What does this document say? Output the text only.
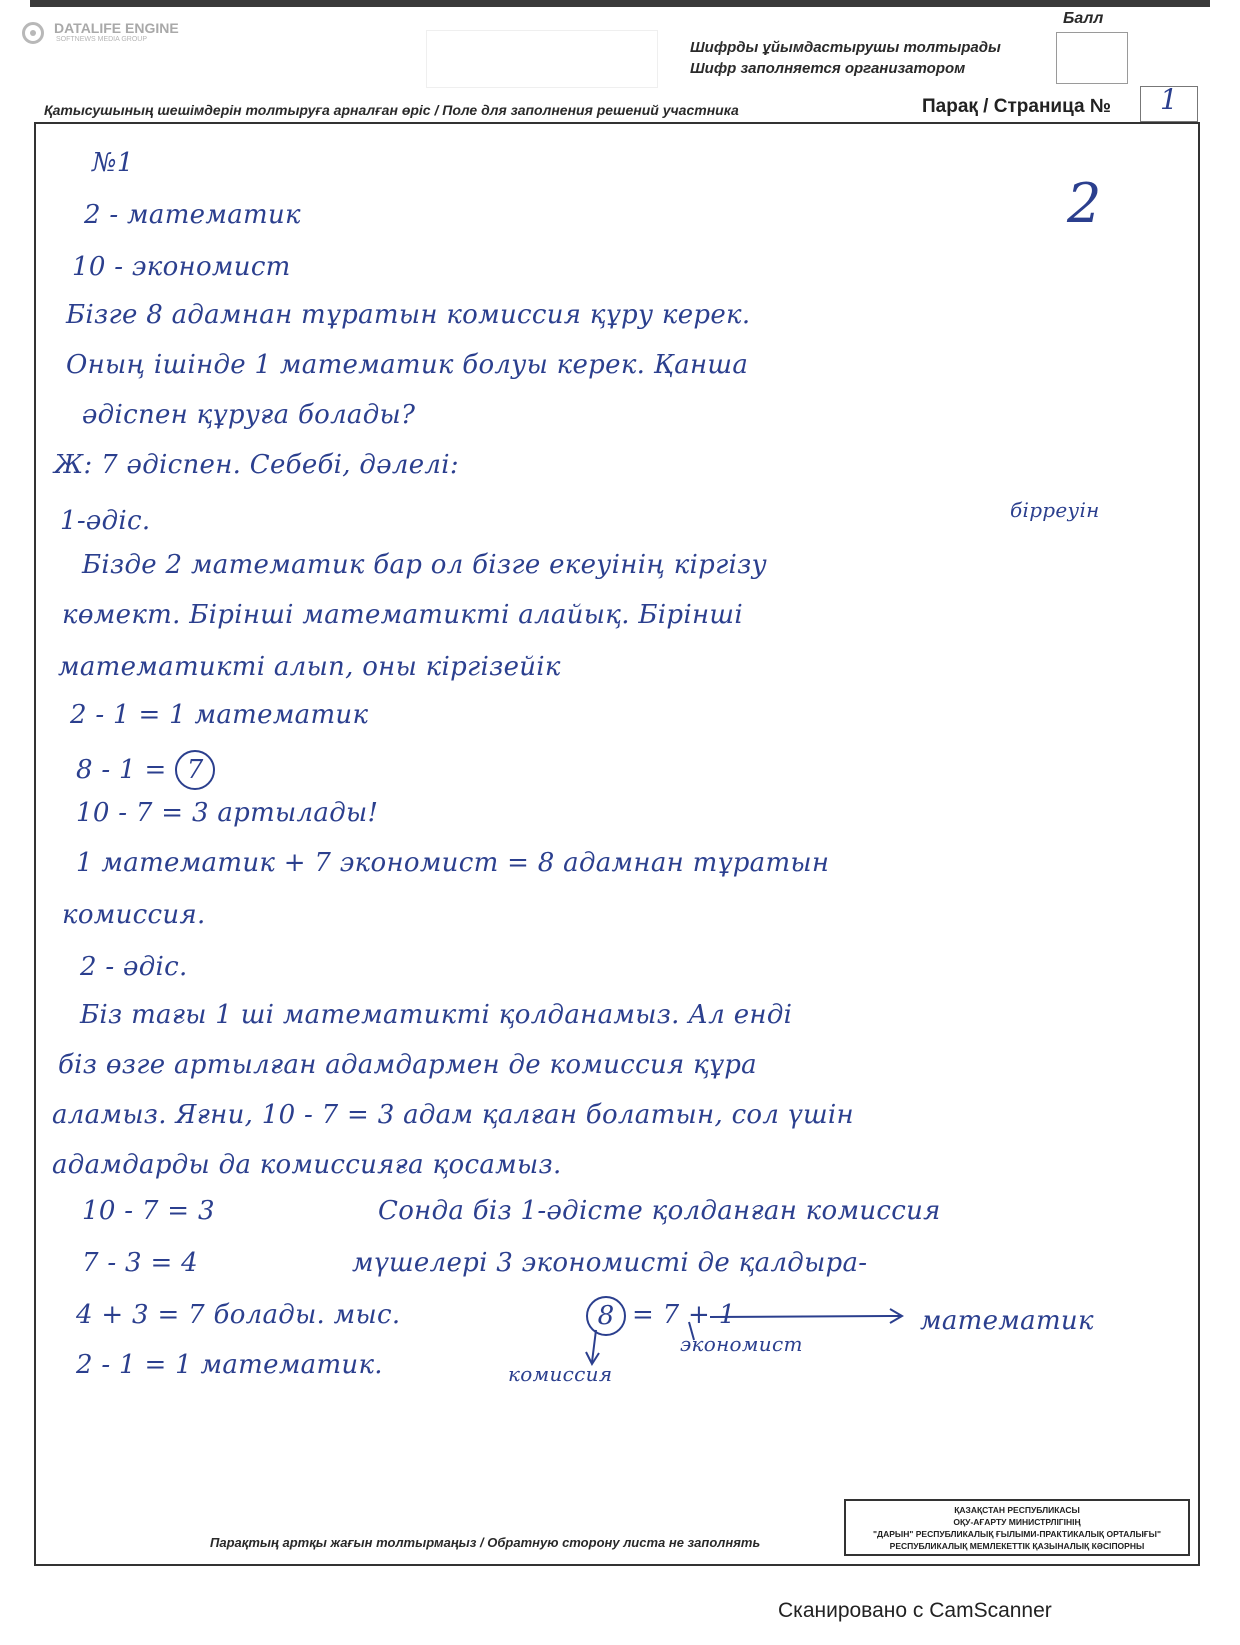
DATALIFE ENGINE
SOFTNEWS MEDIA GROUP
Балл
Шифрды ұйымдастырушы толтырады
Шифр заполняется организатором
Қатысушының шешімдерін толтыруға арналған өріс / Поле для заполнения решений участника	Парақ / Страница № 1
2
№1
2 - математик
10 - экономист
Бізге 8 адамнан тұратын комиссия құру керек.
Оның ішінде 1 математик болуы керек. Қанша
әдіспен құруға болады?
Ж: 7 әдіспен. Себебі, дәлелі:
1-әдіс.	бірреуін
Бізде 2 математик бар ол бізге екеуінің кіргізу
көмект. Бірінші математикті алайық. Бірінші
математикті алып, оны кіргізейік
2 - 1 = 1 математик
8 - 1 = 7
10 - 7 = 3 артылады!
1 математик + 7 экономист = 8 адамнан тұратын
комиссия.
2 - әдіс.
Біз тағы 1 ші математикті қолданамыз. Ал енді
біз өзге артылған адамдармен де комиссия құра
аламыз. Яғни, 10 - 7 = 3 адам қалған болатын, сол үшін
адамдарды да комиссияға қосамыз.
10 - 7 = 3	Сонда біз 1-әдісте қолданған комиссия
7 - 3 = 4	мүшелері 3 экономисті де қалдыра-
4 + 3 = 7 болады. мыс.	8 = 7 + 1
экономист
математик
2 - 1 = 1 математик.	комиссия
Парақтың артқы жағын толтырмаңыз / Обратную сторону листа не заполнять
ҚАЗАҚСТАН РЕСПУБЛИКАСЫ
ОҚУ-АҒАРТУ МИНИСТРЛІГІНІҢ
"ДАРЫН" РЕСПУБЛИКАЛЫҚ ҒЫЛЫМИ-ПРАКТИКАЛЫҚ ОРТАЛЫҒЫ"
РЕСПУБЛИКАЛЫҚ МЕМЛЕКЕТТІК ҚАЗЫНАЛЫҚ КӘСІПОРНЫ
Сканировано с CamScanner
